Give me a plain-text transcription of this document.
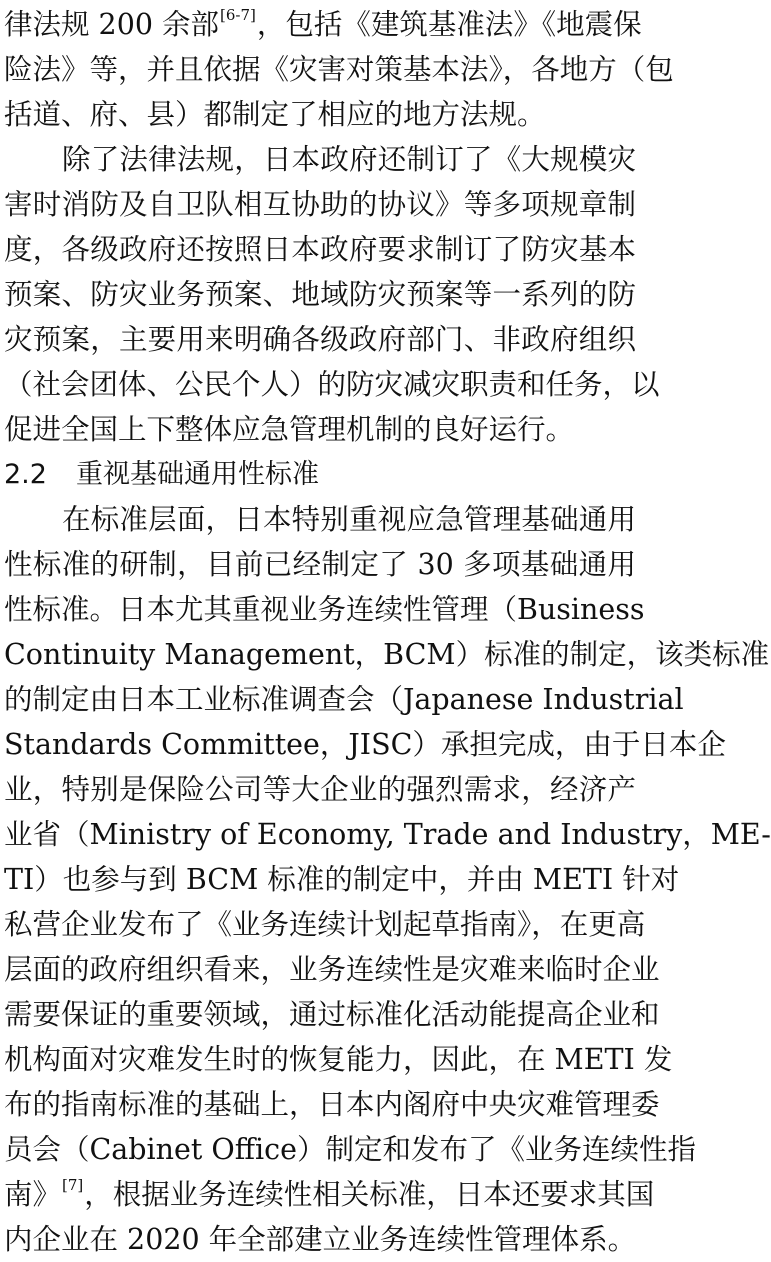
律法规 200 余部[6-7]，包括《建筑基准法》《地震保
险法》等，并且依据《灾害对策基本法》，各地方（包
括道、府、县）都制定了相应的地方法规。
除了法律法规，日本政府还制订了《大规模灾
害时消防及自卫队相互协助的协议》等多项规章制
度，各级政府还按照日本政府要求制订了防灾基本
预案、防灾业务预案、地域防灾预案等一系列的防
灾预案，主要用来明确各级政府部门、非政府组织
（社会团体、公民个人）的防灾减灾职责和任务，以
促进全国上下整体应急管理机制的良好运行。
2.2 重视基础通用性标准
在标准层面，日本特别重视应急管理基础通用
性标准的研制，目前已经制定了 30 多项基础通用
性标准。日本尤其重视业务连续性管理（Business
Continuity Management，BCM）标准的制定，该类标准
的制定由日本工业标准调查会（Japanese Industrial
Standards Committee，JISC）承担完成，由于日本企
业，特别是保险公司等大企业的强烈需求，经济产
业省（Ministry of Economy, Trade and Industry，ME-
TI）也参与到 BCM 标准的制定中，并由 METI 针对
私营企业发布了《业务连续计划起草指南》，在更高
层面的政府组织看来，业务连续性是灾难来临时企业
需要保证的重要领域，通过标准化活动能提高企业和
机构面对灾难发生时的恢复能力，因此，在 METI 发
布的指南标准的基础上，日本内阁府中央灾难管理委
员会（Cabinet Office）制定和发布了《业务连续性指
南》[7]，根据业务连续性相关标准，日本还要求其国
内企业在 2020 年全部建立业务连续性管理体系。
